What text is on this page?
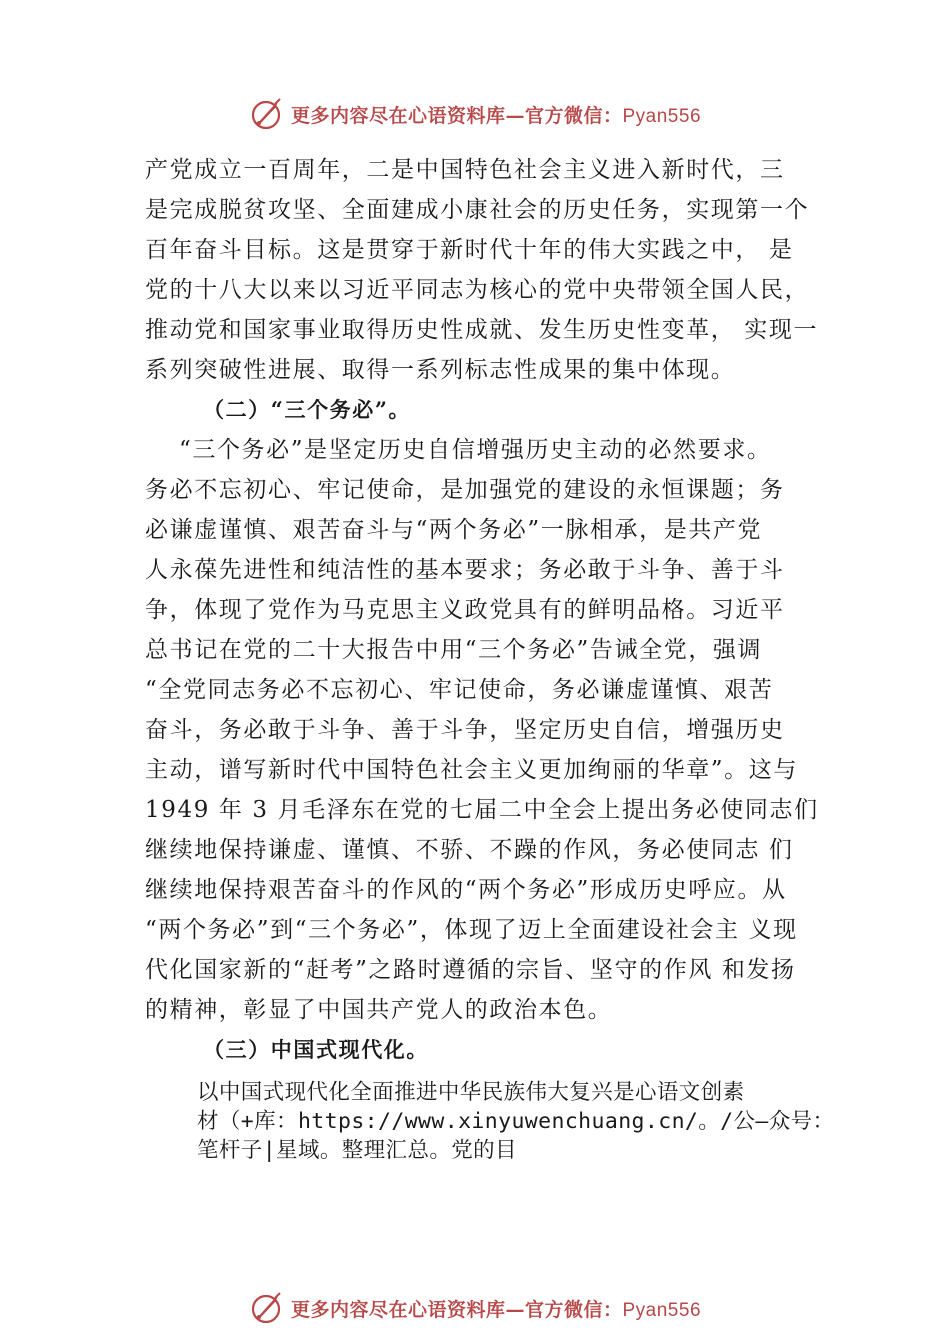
更多内容尽在心语资料库—官方微信：Pyan556
产党成立一百周年，二是中国特色社会主义进入新时代，三
是完成脱贫攻坚、全面建成小康社会的历史任务，实现第一个
百年奋斗目标。这是贯穿于新时代十年的伟大实践之中， 是
党的十八大以来以习近平同志为核心的党中央带领全国人民，
推动党和国家事业取得历史性成就、发生历史性变革， 实现一
系列突破性进展、取得一系列标志性成果的集中体现。
（二）“三个务必”。
“三个务必”是坚定历史自信增强历史主动的必然要求。
务必不忘初心、牢记使命，是加强党的建设的永恒课题；务
必谦虚谨慎、艰苦奋斗与“两个务必”一脉相承，是共产党
人永葆先进性和纯洁性的基本要求；务必敢于斗争、善于斗
争，体现了党作为马克思主义政党具有的鲜明品格。习近平
总书记在党的二十大报告中用“三个务必”告诫全党，强调
“全党同志务必不忘初心、牢记使命，务必谦虚谨慎、艰苦
奋斗，务必敢于斗争、善于斗争，坚定历史自信，增强历史
主动，谱写新时代中国特色社会主义更加绚丽的华章”。这与
1949 年 3 月毛泽东在党的七届二中全会上提出务必使同志们
继续地保持谦虚、谨慎、不骄、不躁的作风，务必使同志 们
继续地保持艰苦奋斗的作风的“两个务必”形成历史呼应。从
“两个务必”到“三个务必”，体现了迈上全面建设社会主 义现
代化国家新的“赶考”之路时遵循的宗旨、坚守的作风 和发扬
的精神，彰显了中国共产党人的政治本色。
（三）中国式现代化。
以中国式现代化全面推进中华民族伟大复兴是心语文创素
材（+库：https://www.xinyuwenchuang.cn/。/公—众号：
笔杆子|星域。整理汇总。党的目
更多内容尽在心语资料库—官方微信：Pyan556
